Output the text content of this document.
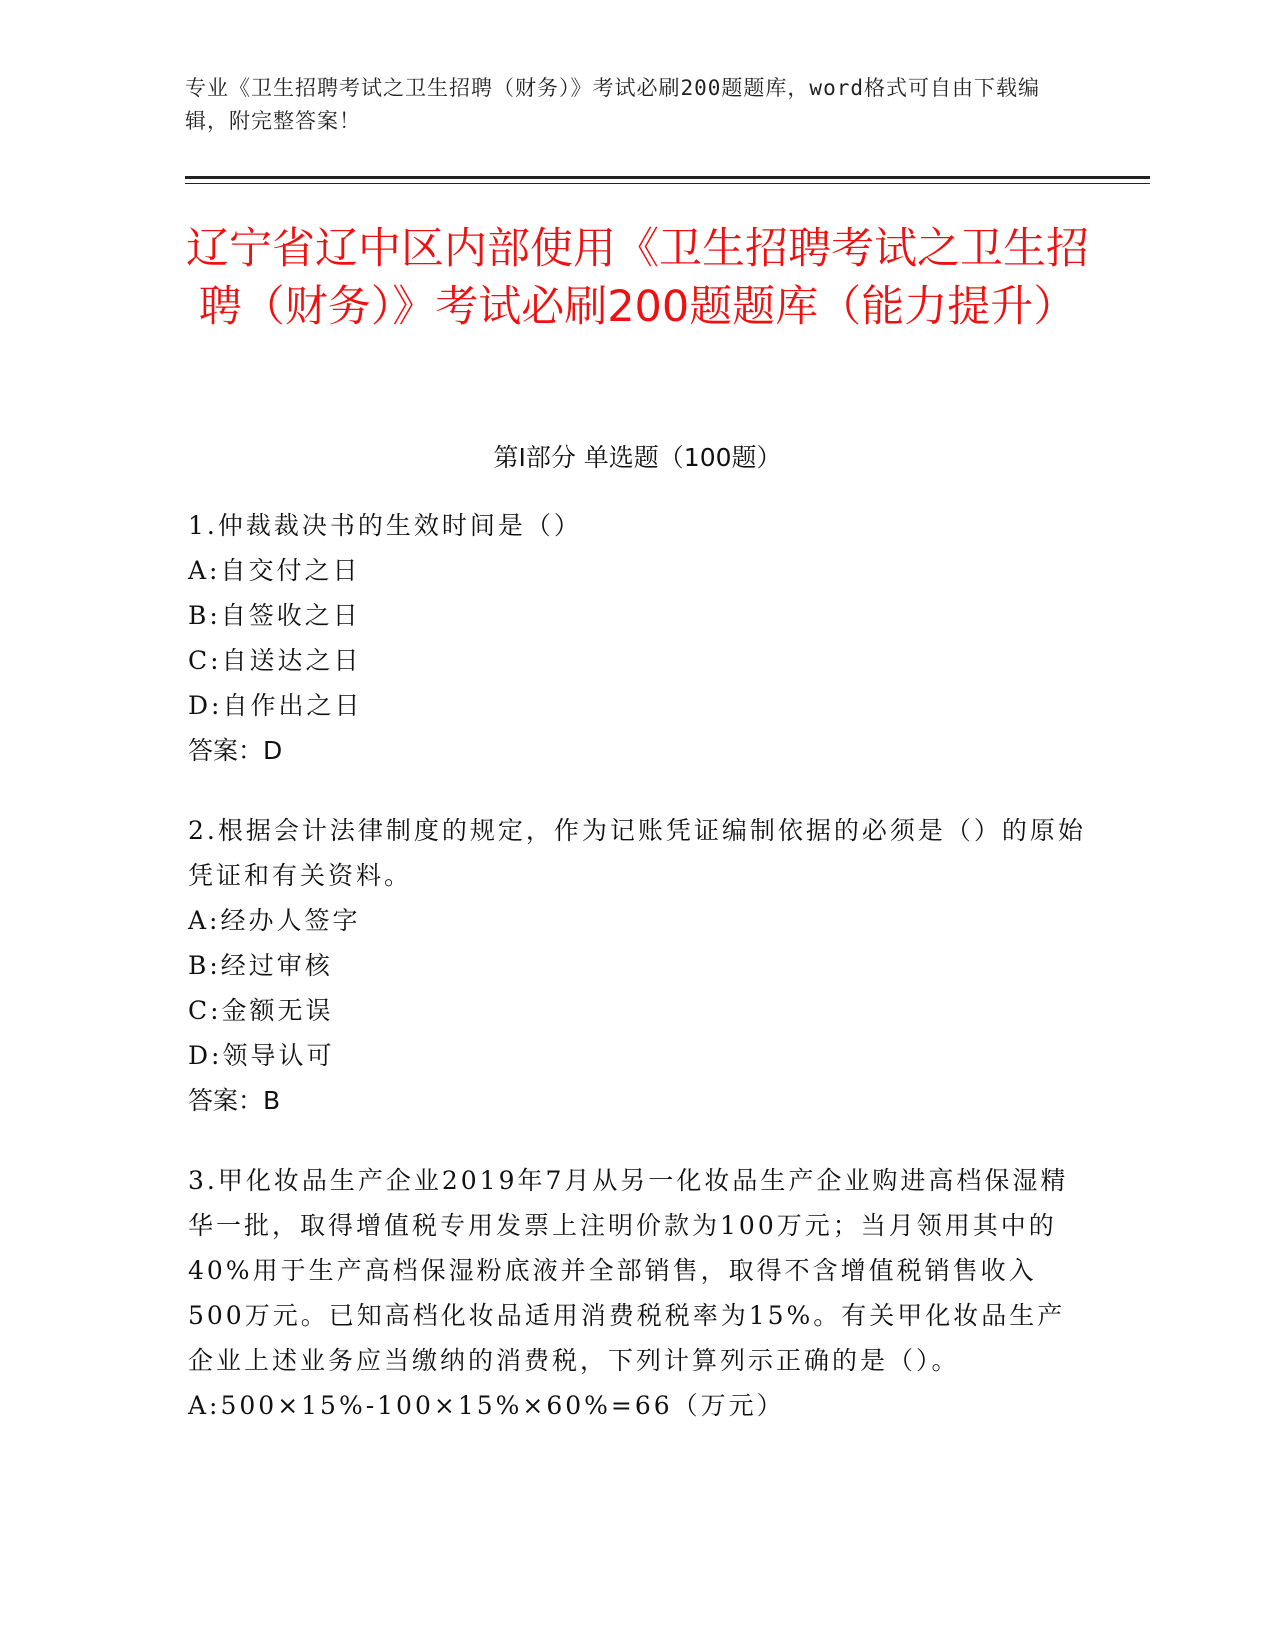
专业《卫生招聘考试之卫生招聘（财务）》考试必刷200题题库，word格式可自由下载编辑，附完整答案！
辽宁省辽中区内部使用《卫生招聘考试之卫生招聘（财务）》考试必刷200题题库（能力提升）
第Ⅰ部分 单选题（100题）

1.仲裁裁决书的生效时间是（）

A:自交付之日

B:自签收之日

C:自送达之日

D:自作出之日

答案：D

2.根据会计法律制度的规定，作为记账凭证编制依据的必须是（）的原始凭证和有关资料。

A:经办人签字

B:经过审核

C:金额无误

D:领导认可

答案：B

3.甲化妆品生产企业2019年7月从另一化妆品生产企业购进高档保湿精华一批，取得增值税专用发票上注明价款为100万元；当月领用其中的40%用于生产高档保湿粉底液并全部销售，取得不含增值税销售收入500万元。已知高档化妆品适用消费税税率为15%。有关甲化妆品生产企业上述业务应当缴纳的消费税，下列计算列示正确的是（）。

A:500×15%-100×15%×60%=66（万元）
